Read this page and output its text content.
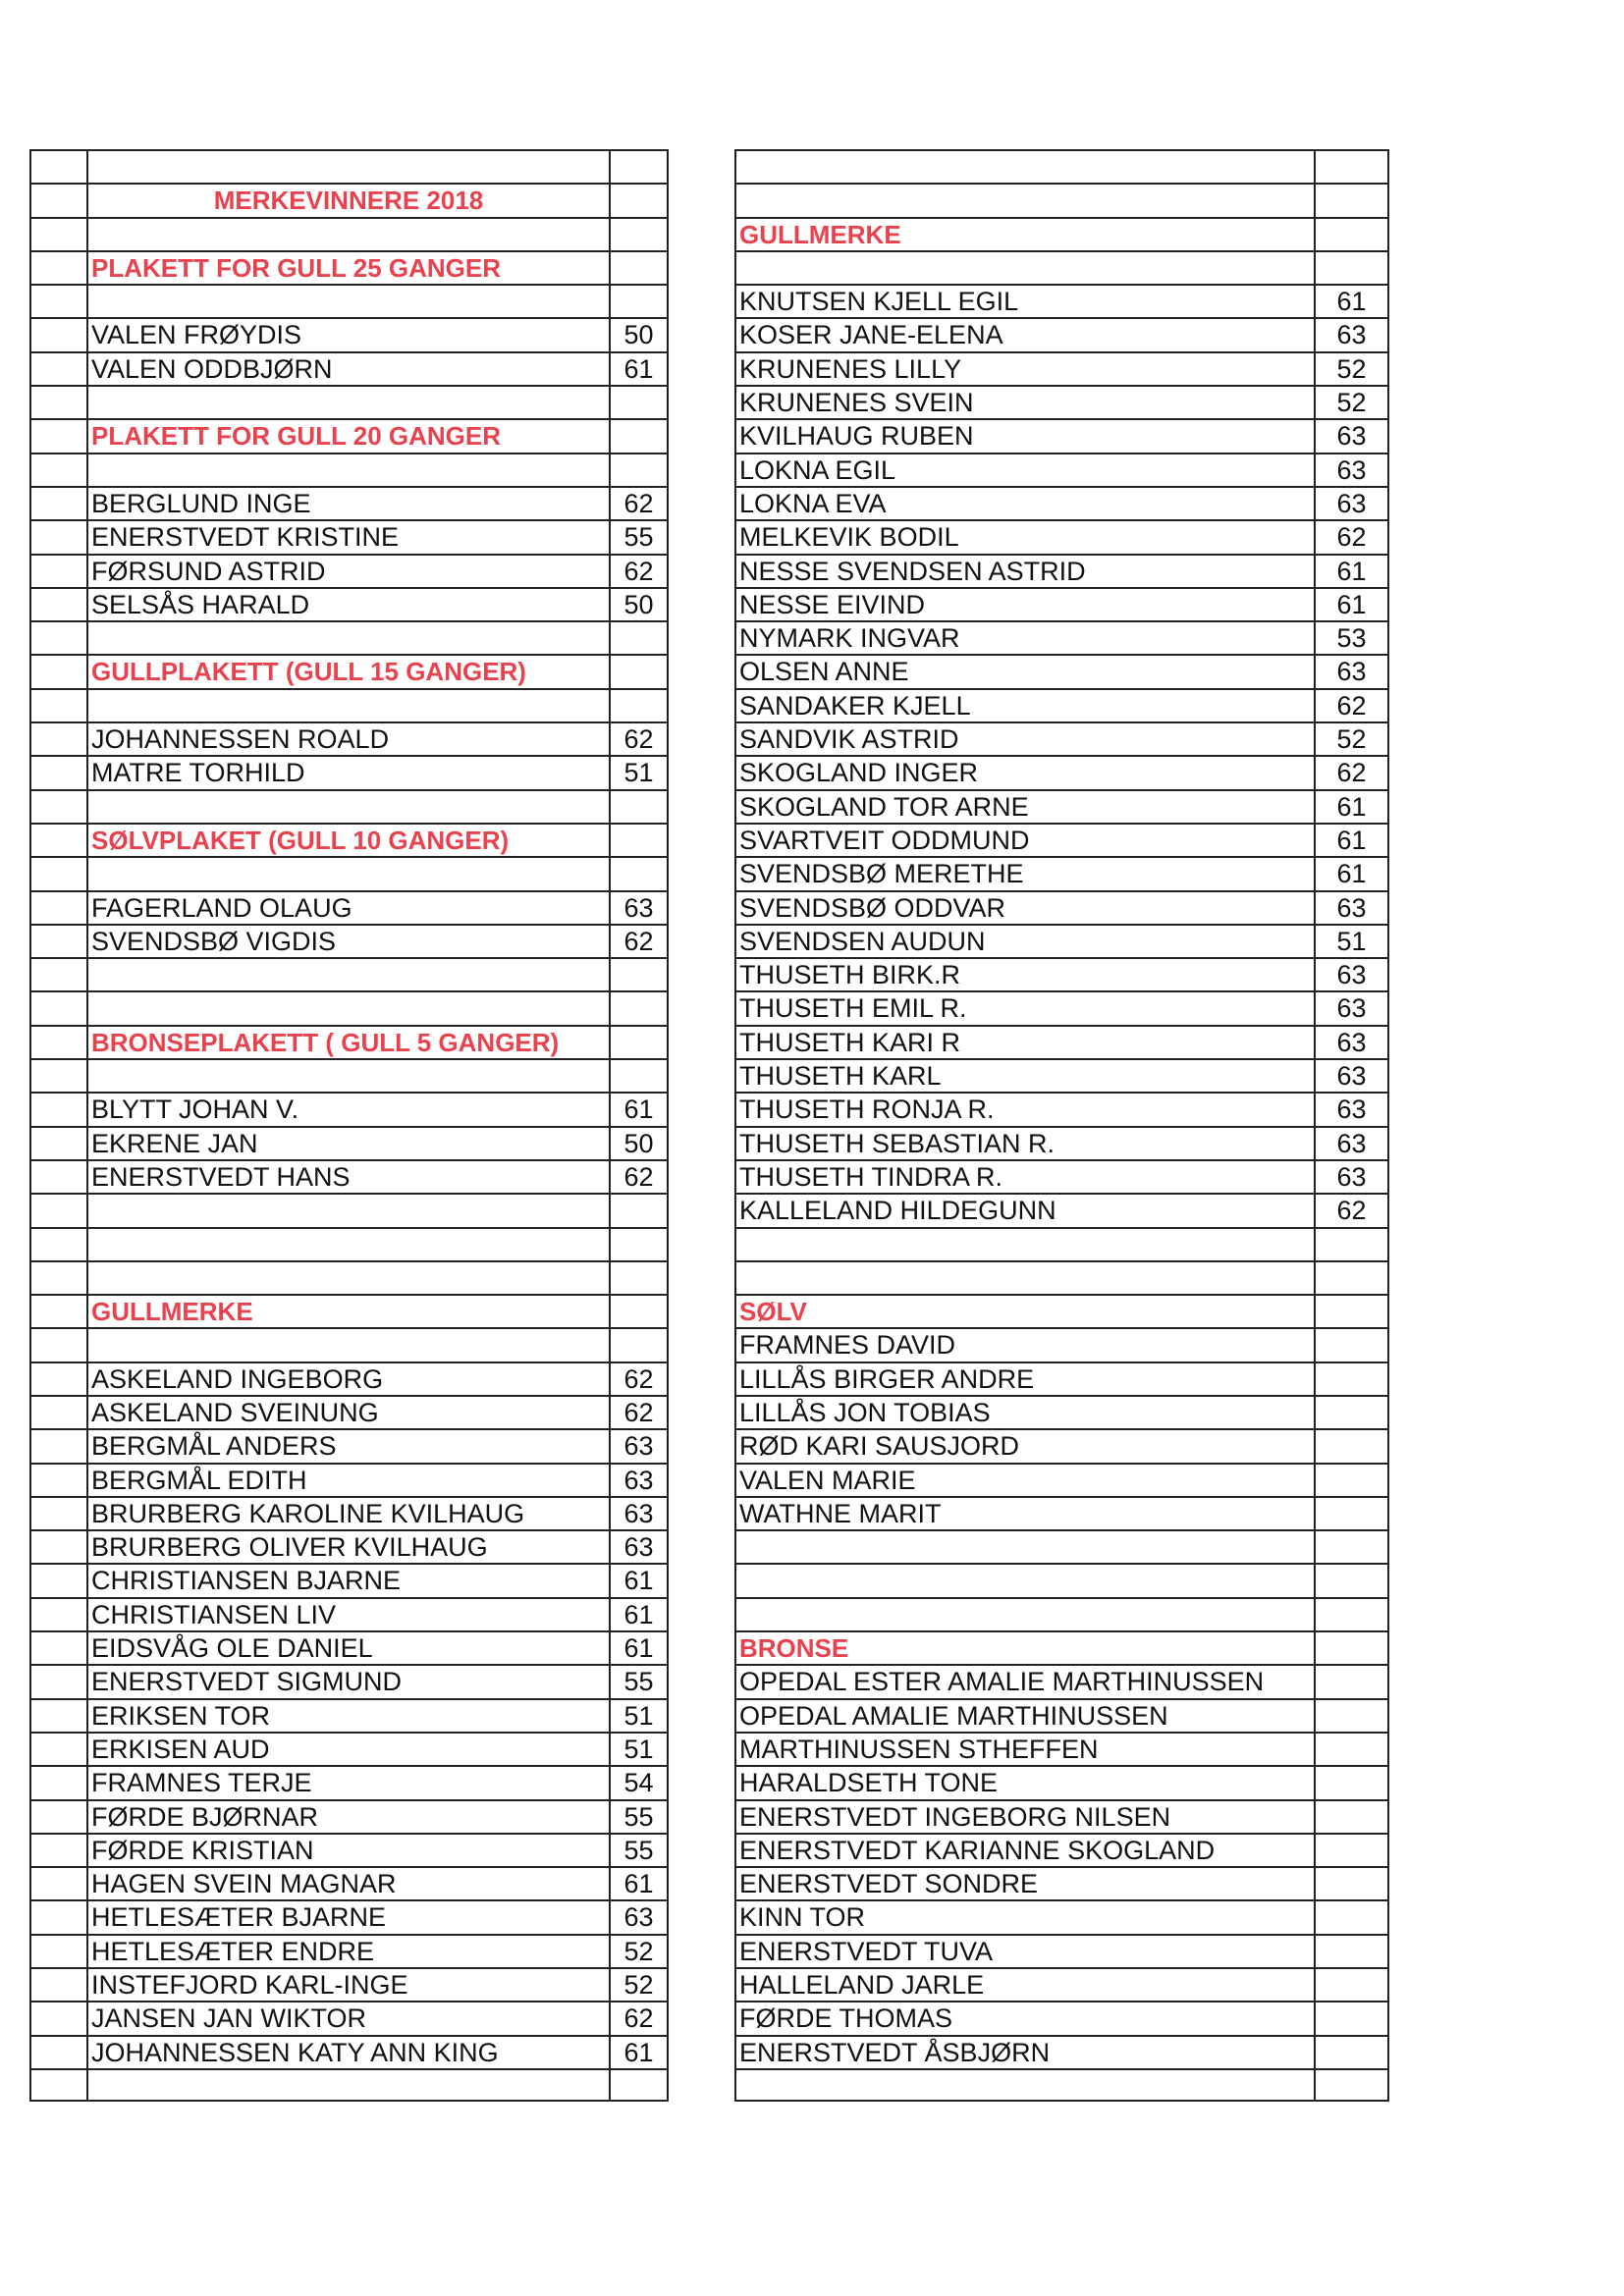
MERKEVINNERE 2018
PLAKETT FOR GULL 25 GANGER
VALEN FRØYDIS	50
VALEN ODDBJØRN	61
PLAKETT FOR GULL 20 GANGER
BERGLUND INGE	62
ENERSTVEDT KRISTINE	55
FØRSUND ASTRID	62
SELSÅS HARALD	50
GULLPLAKETT (GULL 15 GANGER)
JOHANNESSEN ROALD	62
MATRE TORHILD	51
SØLVPLAKET (GULL 10 GANGER)
FAGERLAND OLAUG	63
SVENDSBØ VIGDIS	62
BRONSEPLAKETT ( GULL 5 GANGER)
BLYTT JOHAN V.	61
EKRENE JAN	50
ENERSTVEDT HANS	62
GULLMERKE
ASKELAND INGEBORG	62
ASKELAND SVEINUNG	62
BERGMÅL ANDERS	63
BERGMÅL EDITH	63
BRURBERG KAROLINE KVILHAUG	63
BRURBERG OLIVER KVILHAUG	63
CHRISTIANSEN BJARNE	61
CHRISTIANSEN LIV	61
EIDSVÅG OLE DANIEL	61
ENERSTVEDT SIGMUND	55
ERIKSEN TOR	51
ERKISEN AUD	51
FRAMNES TERJE	54
FØRDE BJØRNAR	55
FØRDE KRISTIAN	55
HAGEN SVEIN MAGNAR	61
HETLESÆTER BJARNE	63
HETLESÆTER ENDRE	52
INSTEFJORD KARL-INGE	52
JANSEN JAN WIKTOR	62
JOHANNESSEN KATY ANN KING	61
GULLMERKE
KNUTSEN KJELL EGIL	61
KOSER JANE-ELENA	63
KRUNENES LILLY	52
KRUNENES SVEIN	52
KVILHAUG RUBEN	63
LOKNA EGIL	63
LOKNA EVA	63
MELKEVIK BODIL	62
NESSE SVENDSEN ASTRID	61
NESSE EIVIND	61
NYMARK INGVAR	53
OLSEN ANNE	63
SANDAKER KJELL	62
SANDVIK ASTRID	52
SKOGLAND INGER	62
SKOGLAND TOR ARNE	61
SVARTVEIT ODDMUND	61
SVENDSBØ MERETHE	61
SVENDSBØ ODDVAR	63
SVENDSEN AUDUN	51
THUSETH BIRK.R	63
THUSETH EMIL R.	63
THUSETH KARI R	63
THUSETH KARL	63
THUSETH RONJA R.	63
THUSETH SEBASTIAN R.	63
THUSETH TINDRA R.	63
KALLELAND HILDEGUNN	62
SØLV
FRAMNES DAVID
LILLÅS BIRGER ANDRE
LILLÅS JON TOBIAS
RØD KARI SAUSJORD
VALEN MARIE
WATHNE MARIT
BRONSE
OPEDAL ESTER AMALIE MARTHINUSSEN
OPEDAL AMALIE MARTHINUSSEN
MARTHINUSSEN STHEFFEN
HARALDSETH TONE
ENERSTVEDT INGEBORG NILSEN
ENERSTVEDT KARIANNE SKOGLAND
ENERSTVEDT SONDRE
KINN TOR
ENERSTVEDT TUVA
HALLELAND JARLE
FØRDE THOMAS
ENERSTVEDT ÅSBJØRN
